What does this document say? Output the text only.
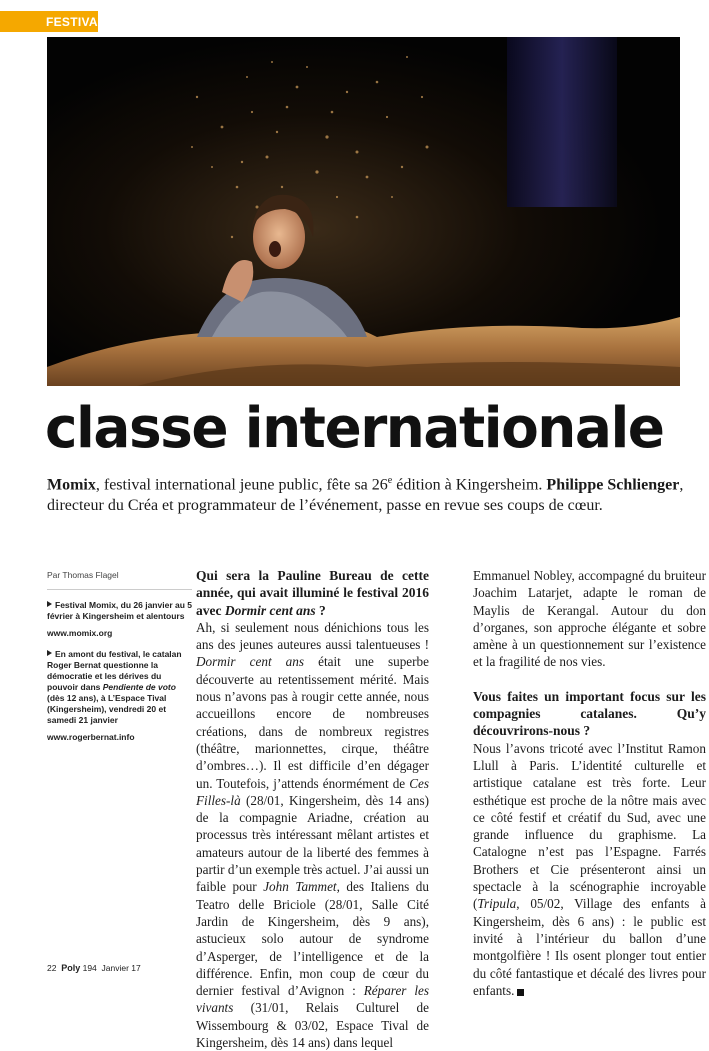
FESTIVAL
classe internationale
Momix, festival international jeune public, fête sa 26e édition à Kingersheim. Philippe Schlienger, directeur du Créa et programmateur de l’événement, passe en revue ses coups de cœur.
Par Thomas Flagel
Festival Momix, du 26 janvier au 5 février à Kingersheim et alentours
www.momix.org
En amont du festival, le catalan Roger Bernat questionne la démocratie et les dérives du pouvoir dans Pendiente de voto (dès 12 ans), à L’Espace Tival (Kingersheim), vendredi 20 et samedi 21 janvier
www.rogerbernat.info

Qui sera la Pauline Bureau de cette année, qui avait illuminé le festival 2016 avec Dormir cent ans ?

Ah, si seulement nous dénichions tous les ans des jeunes auteures aussi talentueuses ! Dormir cent ans était une superbe découverte au retentissement mérité. Mais nous n’avons pas à rougir cette année, nous accueillons encore de nombreuses créations, dans de nombreux registres (théâtre, marionnettes, cirque, théâtre d’ombres…). Il est difficile d’en dégager un. Toutefois, j’attends énormément de Ces Filles-là (28/01, Kingersheim, dès 14 ans) de la compagnie Ariadne, création au processus très intéressant mêlant artistes et amateurs autour de la liberté des femmes à partir d’un exemple très actuel. J’ai aussi un faible pour John Tammet, des Italiens du Teatro delle Briciole (28/01, Salle Cité Jardin de Kingersheim, dès 9 ans), astucieux solo autour de syndrome d’Asperger, de l’intelligence et de la différence. Enfin, mon coup de cœur du dernier festival d’Avignon : Réparer les vivants (31/01, Relais Culturel de Wissembourg & 03/02, Espace Tival de Kingersheim, dès 14 ans) dans lequel

Emmanuel Nobley, accompagné du bruiteur Joachim Latarjet, adapte le roman de Maylis de Kerangal. Autour du don d’organes, son approche élégante et sobre amène à un questionnement sur l’existence et la fragilité de nos vies.

Vous faites un important focus sur les compagnies catalanes. Qu’y découvrirons-nous ?

Nous l’avons tricoté avec l’Institut Ramon Llull à Paris. L’identité culturelle et artistique catalane est très forte. Leur esthétique est proche de la nôtre mais avec ce côté festif et créatif du Sud, avec une grande influence du graphisme. La Catalogne n’est pas l’Espagne. Farrés Brothers et Cie présenteront ainsi un spectacle à la scénographie incroyable (Tripula, 05/02, Village des enfants à Kingersheim, dès 6 ans) : le public est invité à l’intérieur du ballon d’une montgolfière ! Ils osent plonger tout entier du côté fantastique et décalé des livres pour enfants.

22 Poly 194 Janvier 17
